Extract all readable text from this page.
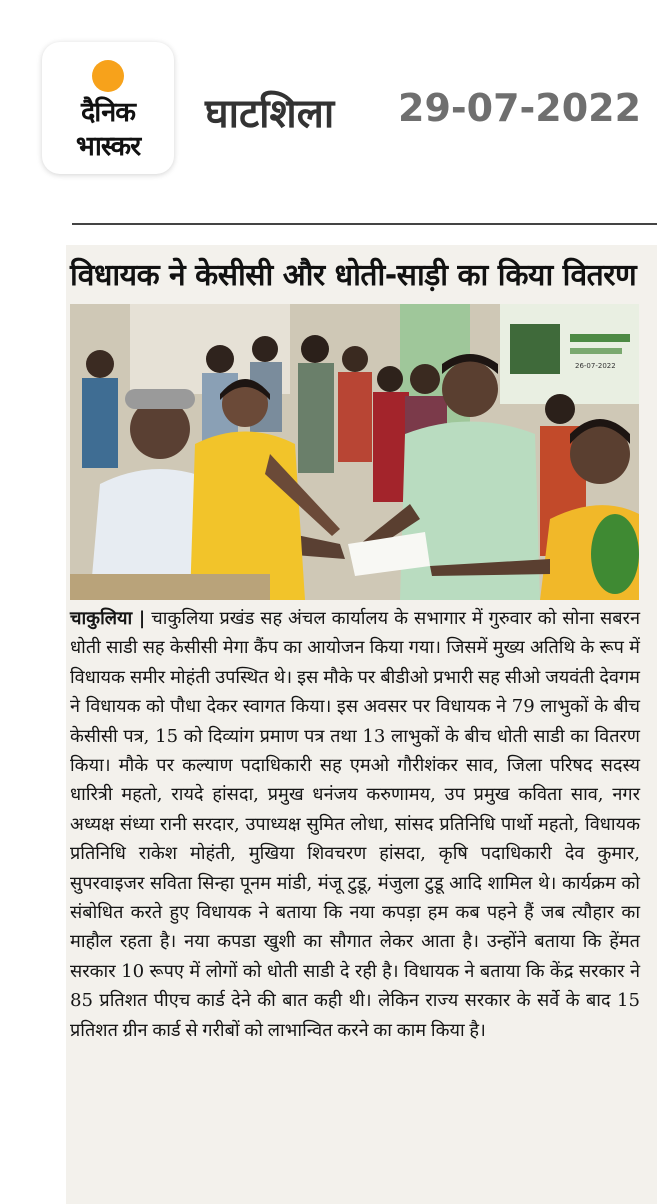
दैनिक
भास्कर
घाटशिला 29-07-2022
विधायक ने केसीसी और धोती-साड़ी का किया वितरण
26-07-2022
चाकुलिया | चाकुलिया प्रखंड सह अंचल कार्यालय के सभागार में गुरुवार को सोना सबरन धोती साडी सह केसीसी मेगा कैंप का आयोजन किया गया। जिसमें मुख्य अतिथि के रूप में विधायक समीर मोहंती उपस्थित थे। इस मौके पर बीडीओ प्रभारी सह सीओ जयवंती देवगम ने विधायक को पौधा देकर स्वागत किया। इस अवसर पर विधायक ने 79 लाभुकों के बीच केसीसी पत्र, 15 को दिव्यांग प्रमाण पत्र तथा 13 लाभुकों के बीच धोती साडी का वितरण किया। मौके पर कल्याण पदाधिकारी सह एमओ गौरीशंकर साव, जिला परिषद सदस्य धारित्री महतो, रायदे हांसदा, प्रमुख धनंजय करुणामय, उप प्रमुख कविता साव, नगर अध्यक्ष संध्या रानी सरदार, उपाध्यक्ष सुमित लोधा, सांसद प्रतिनिधि पार्थो महतो, विधायक प्रतिनिधि राकेश मोहंती, मुखिया शिवचरण हांसदा, कृषि पदाधिकारी देव कुमार, सुपरवाइजर सविता सिन्हा पूनम मांडी, मंजू टुडू, मंजुला टुडू आदि शामिल थे। कार्यक्रम को संबोधित करते हुए विधायक ने बताया कि नया कपड़ा हम कब पहने हैं जब त्यौहार का माहौल रहता है। नया कपडा खुशी का सौगात लेकर आता है। उन्होंने बताया कि हेंमत सरकार 10 रूपए में लोगों को धोती साडी दे रही है। विधायक ने बताया कि केंद्र सरकार ने 85 प्रतिशत पीएच कार्ड देने की बात कही थी। लेकिन राज्य सरकार के सर्वे के बाद 15 प्रतिशत ग्रीन कार्ड से गरीबों को लाभान्वित करने का काम किया है।
